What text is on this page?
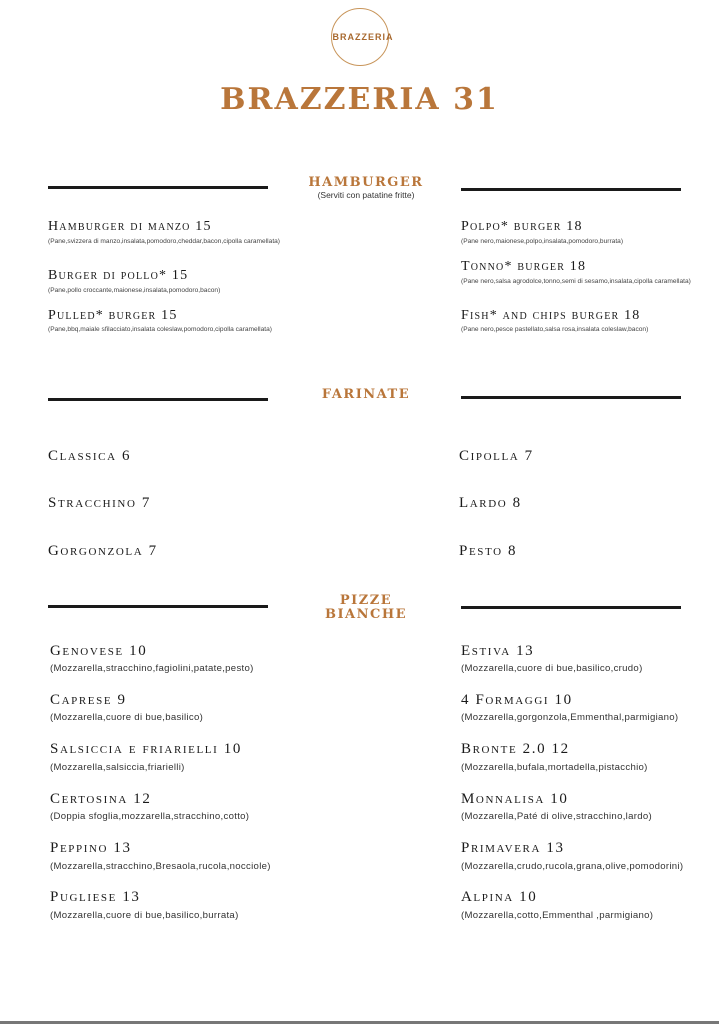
BRAZZERIA
BRAZZERIA 31
HAMBURGER
(Serviti con patatine fritte)
Hamburger di manzo 15
(Pane,svizzera di manzo,insalata,pomodoro,cheddar,bacon,cipolla caramellata)
Burger di pollo* 15
(Pane,pollo croccante,maionese,insalata,pomodoro,bacon)
Pulled* burger 15
(Pane,bbq,maiale sfilacciato,insalata coleslaw,pomodoro,cipolla caramellata)
Polpo* burger 18
(Pane nero,maionese,polpo,insalata,pomodoro,burrata)
Tonno* burger 18
(Pane nero,salsa agrodolce,tonno,semi di sesamo,insalata,cipolla caramellata)
Fish* and chips burger 18
(Pane nero,pesce pastellato,salsa rosa,insalata coleslaw,bacon)
FARINATE
Classica 6
Stracchino 7
Gorgonzola 7
Cipolla 7
Lardo 8
Pesto 8
PIZZE
BIANCHE
Genovese 10
(Mozzarella,stracchino,fagiolini,patate,pesto)
Caprese 9
(Mozzarella,cuore di bue,basilico)
Salsiccia e friarielli 10
(Mozzarella,salsiccia,friarielli)
Certosina 12
(Doppia sfoglia,mozzarella,stracchino,cotto)
Peppino 13
(Mozzarella,stracchino,Bresaola,rucola,nocciole)
Pugliese 13
(Mozzarella,cuore di bue,basilico,burrata)
Estiva 13
(Mozzarella,cuore di bue,basilico,crudo)
4 Formaggi 10
(Mozzarella,gorgonzola,Emmenthal,parmigiano)
Bronte 2.0 12
(Mozzarella,bufala,mortadella,pistacchio)
Monnalisa 10
(Mozzarella,Paté di olive,stracchino,lardo)
Primavera 13
(Mozzarella,crudo,rucola,grana,olive,pomodorini)
Alpina 10
(Mozzarella,cotto,Emmenthal ,parmigiano)
